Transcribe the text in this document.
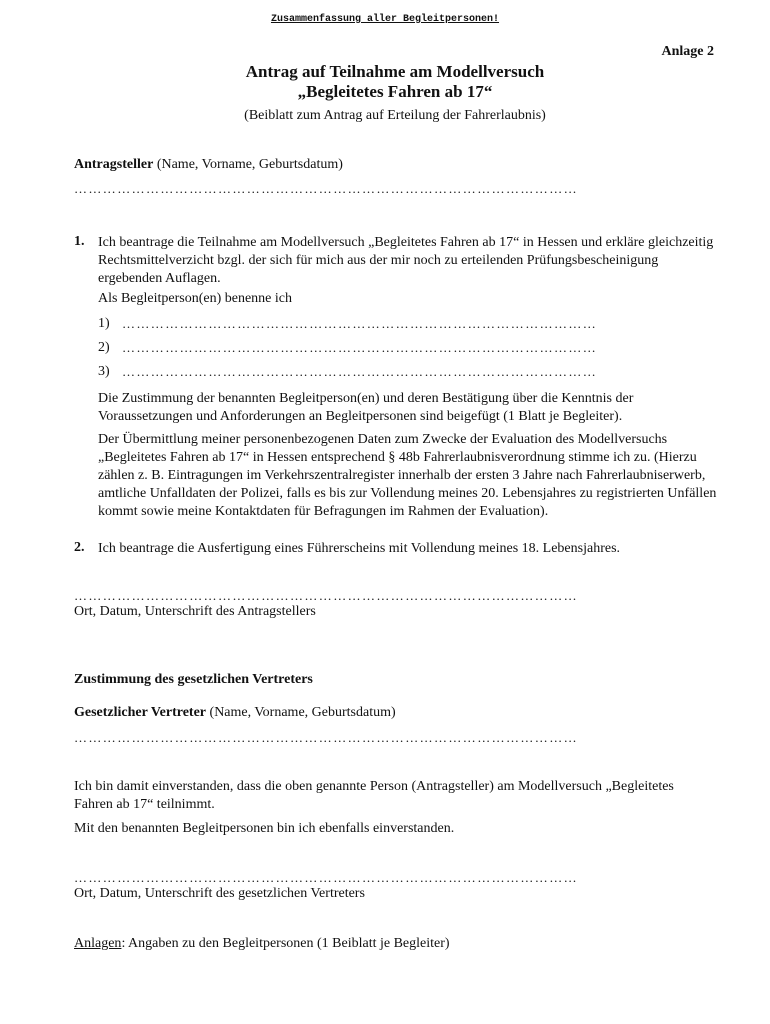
Zusammenfassung aller Begleitpersonen!
Anlage 2
Antrag auf Teilnahme am Modellversuch
„Begleitetes Fahren ab 17“
(Beiblatt zum Antrag auf Erteilung der Fahrerlaubnis)
Antragsteller (Name, Vorname, Geburtsdatum)
……………………………………………………………………………………………
1. Ich beantrage die Teilnahme am Modellversuch „Begleitetes Fahren ab 17“ in Hessen und erkläre gleichzeitig Rechtsmittelverzicht bzgl. der sich für mich aus der mir noch zu erteilenden Prüfungsbescheinigung ergebenden Auflagen.

Als Begleitperson(en) benenne ich
1) ………………………………………………………………………………………
2) ………………………………………………………………………………………
3) ………………………………………………………………………………………

Die Zustimmung der benannten Begleitperson(en) und deren Bestätigung über die Kenntnis der Voraussetzungen und Anforderungen an Begleitpersonen sind beigefügt (1 Blatt je Begleiter).

Der Übermittlung meiner personenbezogenen Daten zum Zwecke der Evaluation des Modellversuchs „Begleitetes Fahren ab 17“ in Hessen entsprechend § 48b Fahrerlaubnisverordnung stimme ich zu. (Hierzu zählen z. B. Eintragungen im Verkehrszentralregister innerhalb der ersten 3 Jahre nach Fahrerlaubniserwerb, amtliche Unfalldaten der Polizei, falls es bis zur Vollendung meines 20. Lebensjahres zu registrierten Unfällen kommt sowie meine Kontaktdaten für Befragungen im Rahmen der Evaluation).

2. Ich beantrage die Ausfertigung eines Führerscheins mit Vollendung meines 18. Lebensjahres.

……………………………………………………………………………………………
Ort, Datum, Unterschrift des Antragstellers
Zustimmung des gesetzlichen Vertreters
Gesetzlicher Vertreter (Name, Vorname, Geburtsdatum)
……………………………………………………………………………………………

Ich bin damit einverstanden, dass die oben genannte Person (Antragsteller) am Modellversuch „Begleitetes Fahren ab 17“ teilnimmt.

Mit den benannten Begleitpersonen bin ich ebenfalls einverstanden.

……………………………………………………………………………………………
Ort, Datum, Unterschrift des gesetzlichen Vertreters
Anlagen: Angaben zu den Begleitpersonen (1 Beiblatt je Begleiter)
